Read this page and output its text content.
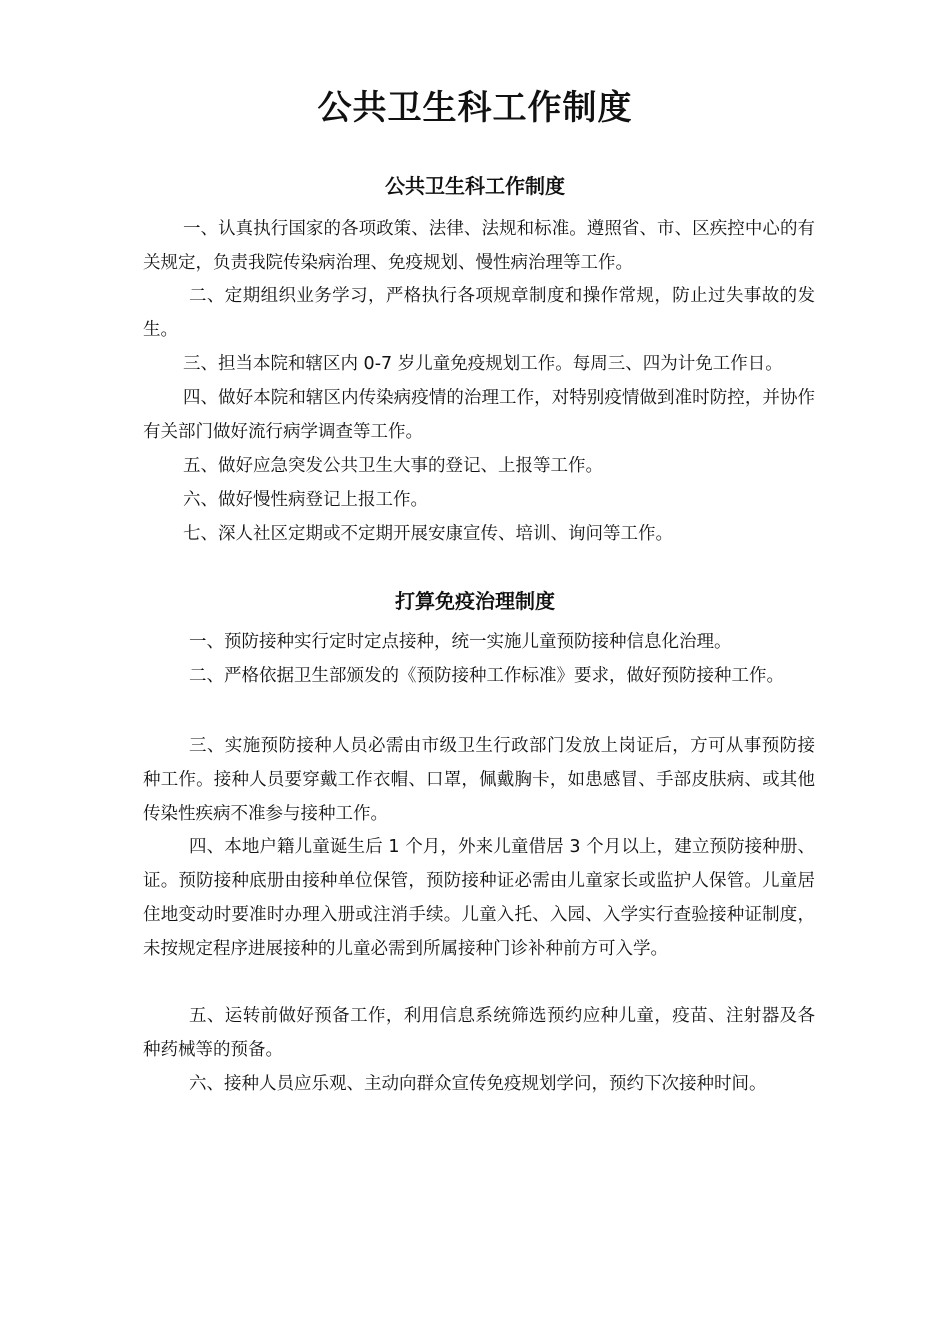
公共卫生科工作制度
公共卫生科工作制度

一、认真执行国家的各项政策、法律、法规和标准。遵照省、市、区疾控中心的有关规定，负责我院传染病治理、免疫规划、慢性病治理等工作。

二、定期组织业务学习，严格执行各项规章制度和操作常规，防止过失事故的发生。

三、担当本院和辖区内 0-7 岁儿童免疫规划工作。每周三、四为计免工作日。

四、做好本院和辖区内传染病疫情的治理工作，对特别疫情做到准时防控，并协作有关部门做好流行病学调查等工作。

五、做好应急突发公共卫生大事的登记、上报等工作。

六、做好慢性病登记上报工作。

七、深人社区定期或不定期开展安康宣传、培训、询问等工作。

打算免疫治理制度

一、预防接种实行定时定点接种，统一实施儿童预防接种信息化治理。

二、严格依据卫生部颁发的《预防接种工作标准》要求，做好预防接种工作。

三、实施预防接种人员必需由市级卫生行政部门发放上岗证后，方可从事预防接种工作。接种人员要穿戴工作衣帽、口罩，佩戴胸卡，如患感冒、手部皮肤病、或其他传染性疾病不准参与接种工作。

四、本地户籍儿童诞生后 1 个月，外来儿童借居 3 个月以上，建立预防接种册、证。预防接种底册由接种单位保管，预防接种证必需由儿童家长或监护人保管。儿童居住地变动时要准时办理入册或注消手续。儿童入托、入园、入学实行查验接种证制度，未按规定程序进展接种的儿童必需到所属接种门诊补种前方可入学。

五、运转前做好预备工作，利用信息系统筛选预约应种儿童，疫苗、注射器及各种药械等的预备。

六、接种人员应乐观、主动向群众宣传免疫规划学问，预约下次接种时间。
